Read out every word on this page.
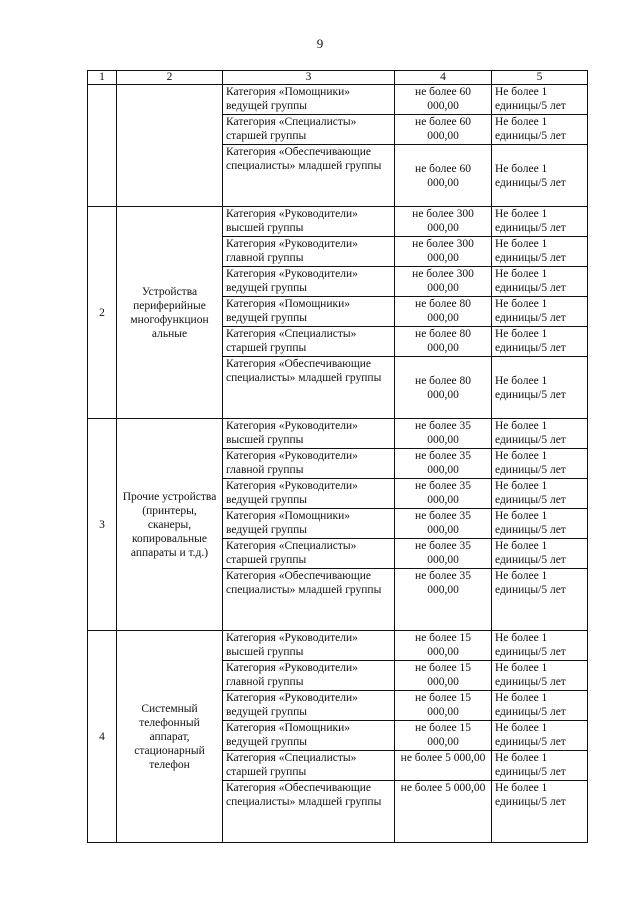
9
1	2	3	4	5
		Категория «Помощники» ведущей группы	не более 60 000,00	Не более 1 единицы/5 лет
		Категория «Специалисты» старшей группы	не более 60 000,00	Не более 1 единицы/5 лет
		Категория «Обеспечивающие специалисты» младшей группы	не более 60 000,00	Не более 1 единицы/5 лет
2	Устройства периферийные многофункцион альные	Категория «Руководители» высшей группы	не более 300 000,00	Не более 1 единицы/5 лет
		Категория «Руководители» главной группы	не более 300 000,00	Не более 1 единицы/5 лет
		Категория «Руководители» ведущей группы	не более 300 000,00	Не более 1 единицы/5 лет
		Категория «Помощники» ведущей группы	не более 80 000,00	Не более 1 единицы/5 лет
		Категория «Специалисты» старшей группы	не более 80 000,00	Не более 1 единицы/5 лет
		Категория «Обеспечивающие специалисты» младшей группы	не более 80 000,00	Не более 1 единицы/5 лет
3	Прочие устройства (принтеры, сканеры, копировальные аппараты и т.д.)	Категория «Руководители» высшей группы	не более 35 000,00	Не более 1 единицы/5 лет
		Категория «Руководители» главной группы	не более 35 000,00	Не более 1 единицы/5 лет
		Категория «Руководители» ведущей группы	не более 35 000,00	Не более 1 единицы/5 лет
		Категория «Помощники» ведущей группы	не более 35 000,00	Не более 1 единицы/5 лет
		Категория «Специалисты» старшей группы	не более 35 000,00	Не более 1 единицы/5 лет
		Категория «Обеспечивающие специалисты» младшей группы	не более 35 000,00	Не более 1 единицы/5 лет
4	Системный телефонный аппарат, стационарный телефон	Категория «Руководители» высшей группы	не более 15 000,00	Не более 1 единицы/5 лет
		Категория «Руководители» главной группы	не более 15 000,00	Не более 1 единицы/5 лет
		Категория «Руководители» ведущей группы	не более 15 000,00	Не более 1 единицы/5 лет
		Категория «Помощники» ведущей группы	не более 15 000,00	Не более 1 единицы/5 лет
		Категория «Специалисты» старшей группы	не более 5 000,00	Не более 1 единицы/5 лет
		Категория «Обеспечивающие специалисты» младшей группы	не более 5 000,00	Не более 1 единицы/5 лет
